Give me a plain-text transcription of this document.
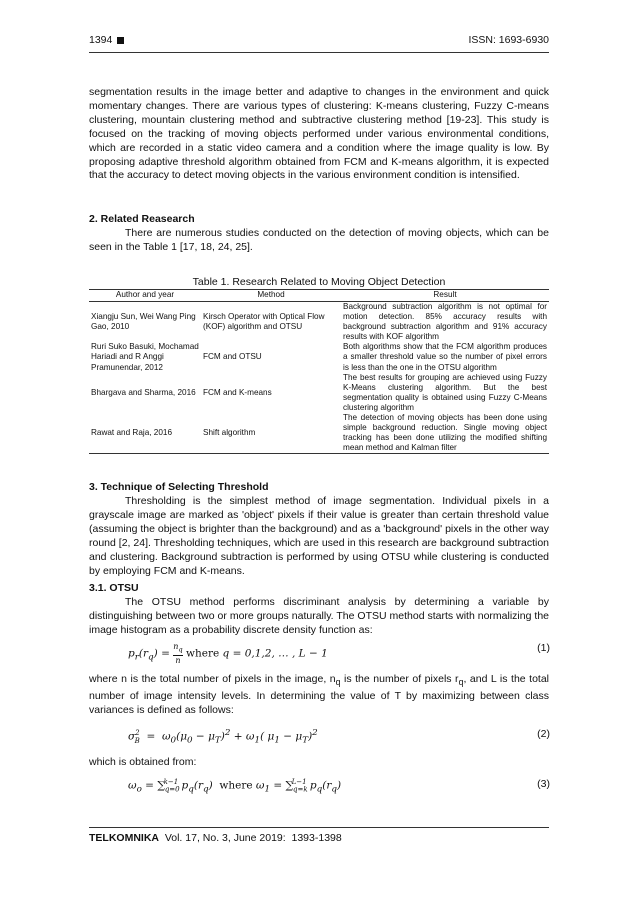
1394	ISSN: 1693-6930

segmentation results in the image better and adaptive to changes in the environment and quick momentary changes. There are various types of clustering: K-means clustering, Fuzzy C-means clustering, mountain clustering method and subtractive clustering method [19-23]. This study is focused on the tracking of moving objects performed under various environmental conditions, which are recorded in a static video camera and a condition where the image quality is low. By proposing adaptive threshold algorithm obtained from FCM and K-means algorithm, it is expected that the accuracy to detect moving objects in the various environment condition is intensified.

2. Related Reasearch

There are numerous studies conducted on the detection of moving objects, which can be seen in the Table 1 [17, 18, 24, 25].

Table 1. Research Related to Moving Object Detection
Author and year	Method	Result
Xiangju Sun, Wei Wang Ping Gao, 2010	Kirsch Operator with Optical Flow (KOF) algorithm and OTSU	Background subtraction algorithm is not optimal for motion detection. 85% accuracy results with background subtraction algorithm and 91% accuracy results with KOF algorithm
Ruri Suko Basuki, Mochamad Hariadi and R Anggi Pramunendar, 2012	FCM and OTSU	Both algorithms show that the FCM algorithm produces a smaller threshold value so the number of pixel errors is less than the one in the OTSU algorithm
Bhargava and Sharma, 2016	FCM and K-means	The best results for grouping are achieved using Fuzzy K-Means clustering algorithm. But the best segmentation quality is obtained using Fuzzy C-Means clustering algorithm
Rawat and Raja, 2016	Shift algorithm	The detection of moving objects has been done using simple background reduction. Single moving object tracking has been done utilizing the modified shifting mean method and Kalman filter
3. Technique of Selecting Threshold

Thresholding is the simplest method of image segmentation. Individual pixels in a grayscale image are marked as 'object' pixels if their value is greater than certain threshold value (assuming the object is brighter than the background) and as a 'background' pixels in the other way round [2, 24]. Thresholding techniques, which are used in this research are background subtraction and clustering. Background subtraction is performed by using OTSU while clustering is conducted by employing FCM and K-means.

3.1. OTSU

The OTSU method performs discriminant analysis by determining a variable by distinguishing between two or more groups naturally. The OTSU method starts with normalizing the image histogram as a probability discrete density function as:

$p_r(r_q) = \frac{n_q}{n}$ where q = 0,1,2, … , L − 1	(1)

where n is the total number of pixels in the image, $n_q$ is the number of pixels $r_q$, and L is the total number of image intensity levels. In determining the value of T by maximizing between class variances is defined as follows:

$\sigma^2_B = \omega_0(\mu_0 - \mu_T)^2 + \omega_1$( $\mu_1 - \mu_T)^2$	(2)

which is obtained from:

$\omega_o = \sum_{q=0}^{k-1}$ $p_q(r_q)$  where $\omega_1 = \sum_{q=k}^{L-1}$ $p_q(r_q)$	(3)
TELKOMNIKA  Vol. 17, No. 3, June 2019:  1393-1398
